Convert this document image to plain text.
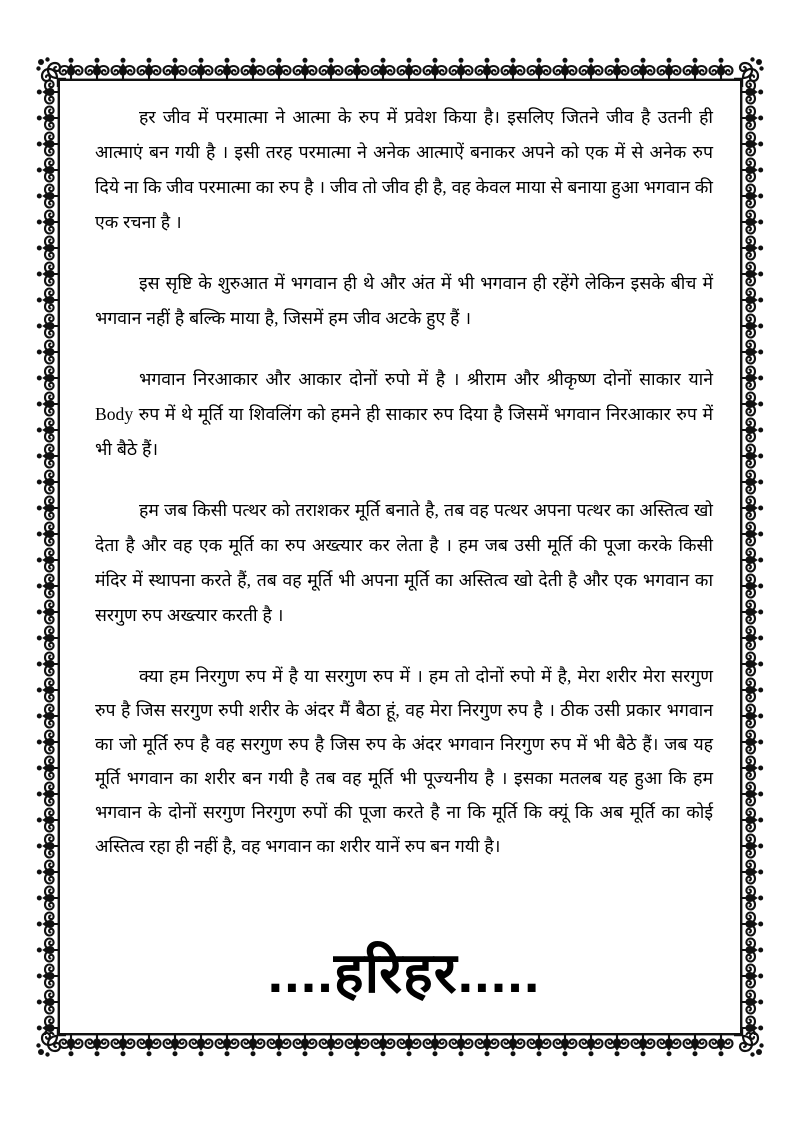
हर जीव में परमात्मा ने आत्मा के रुप में प्रवेश किया है। इसलिए जितने जीव है उतनी ही आत्माएं बन गयी है । इसी तरह परमात्मा ने अनेक आत्माऐं बनाकर अपने को एक में से अनेक रुप दिये ना कि जीव परमात्मा का रुप है । जीव तो जीव ही है, वह केवल माया से बनाया हुआ भगवान की एक रचना है ।

इस सृष्टि के शुरुआत में भगवान ही थे और अंत में भी भगवान ही रहेंगे लेकिन इसके बीच में भगवान नहीं है बल्कि माया है, जिसमें हम जीव अटके हुए हैं ।

भगवान निरआकार और आकार दोनों रुपो में है । श्रीराम और श्रीकृष्ण दोनों साकार याने Body रुप में थे मूर्ति या शिवलिंग को हमने ही साकार रुप दिया है जिसमें भगवान निरआकार रुप में भी बैठे हैं।

हम जब किसी पत्थर को तराशकर मूर्ति बनाते है, तब वह पत्थर अपना पत्थर का अस्तित्व खो देता है और वह एक मूर्ति का रुप अख्त्यार कर लेता है । हम जब उसी मूर्ति की पूजा करके किसी मंदिर में स्थापना करते हैं, तब वह मूर्ति भी अपना मूर्ति का अस्तित्व खो देती है और एक भगवान का सरगुण रुप अख्त्यार करती है ।

क्या हम निरगुण रुप में है या सरगुण रुप में । हम तो दोनों रुपो में है, मेरा शरीर मेरा सरगुण रुप है जिस सरगुण रुपी शरीर के अंदर मैं बैठा हूं, वह मेरा निरगुण रुप है । ठीक उसी प्रकार भगवान का जो मूर्ति रुप है वह सरगुण रुप है जिस रुप के अंदर भगवान निरगुण रुप में भी बैठे हैं। जब यह मूर्ति भगवान का शरीर बन गयी है तब वह मूर्ति भी पूज्यनीय है । इसका मतलब यह हुआ कि हम भगवान के दोनों सरगुण निरगुण रुपों की पूजा करते है ना कि मूर्ति कि क्यूं कि अब मूर्ति का कोई अस्तित्व रहा ही नहीं है, वह भगवान का शरीर यानें रुप बन गयी है।

....हरिहर.....
